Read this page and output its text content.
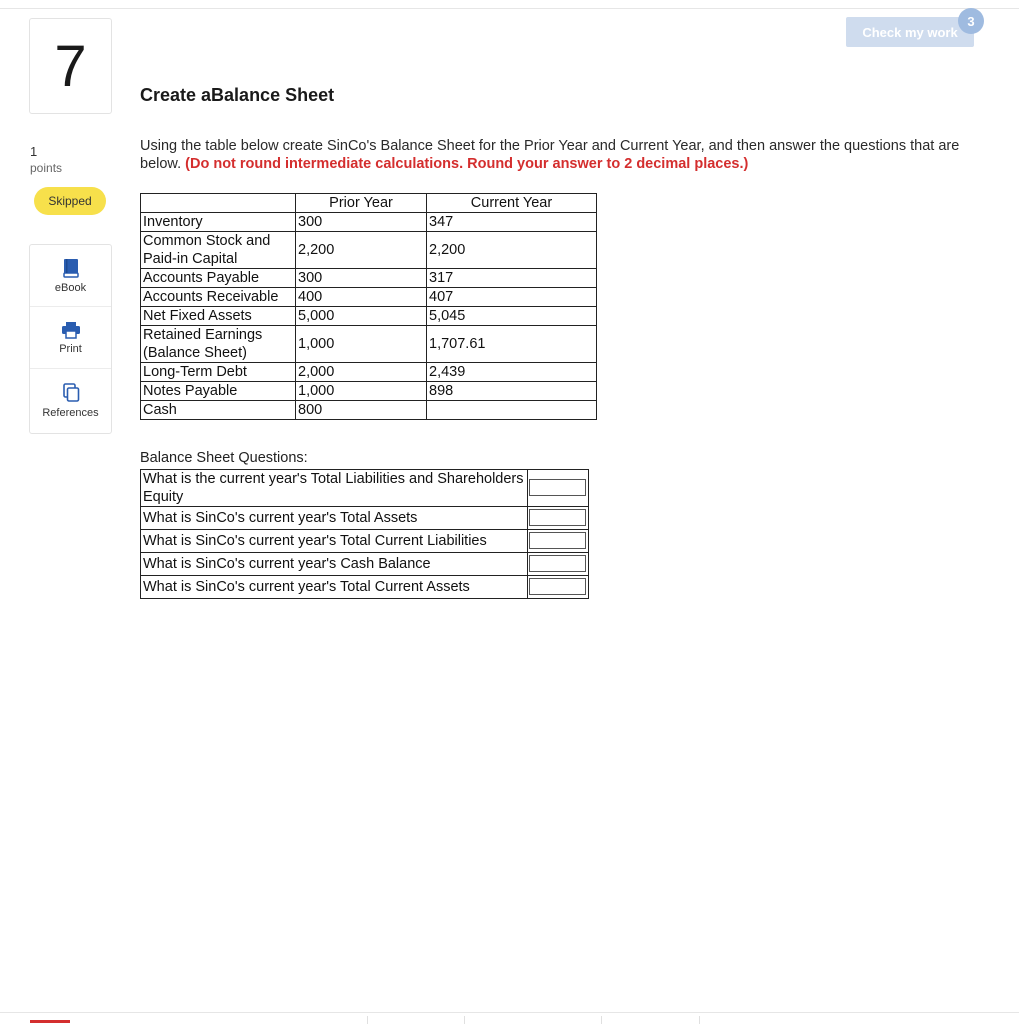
7
Check my work
3
Create aBalance Sheet
1
points
Skipped
eBook
Print
References
Using the table below create SinCo's Balance Sheet for the Prior Year and Current Year, and then answer the questions that are below. (Do not round intermediate calculations. Round your answer to 2 decimal places.)
	Prior Year	Current Year
Inventory	300	347
Common Stock and Paid-in Capital	2,200	2,200
Accounts Payable	300	317
Accounts Receivable	400	407
Net Fixed Assets	5,000	5,045
Retained Earnings (Balance Sheet)	1,000	1,707.61
Long-Term Debt	2,000	2,439
Notes Payable	1,000	898
Cash	800	
Balance Sheet Questions:
What is the current year's Total Liabilities and Shareholders Equity	
What is SinCo's current year's Total Assets	
What is SinCo's current year's Total Current Liabilities	
What is SinCo's current year's Cash Balance	
What is SinCo's current year's Total Current Assets	
